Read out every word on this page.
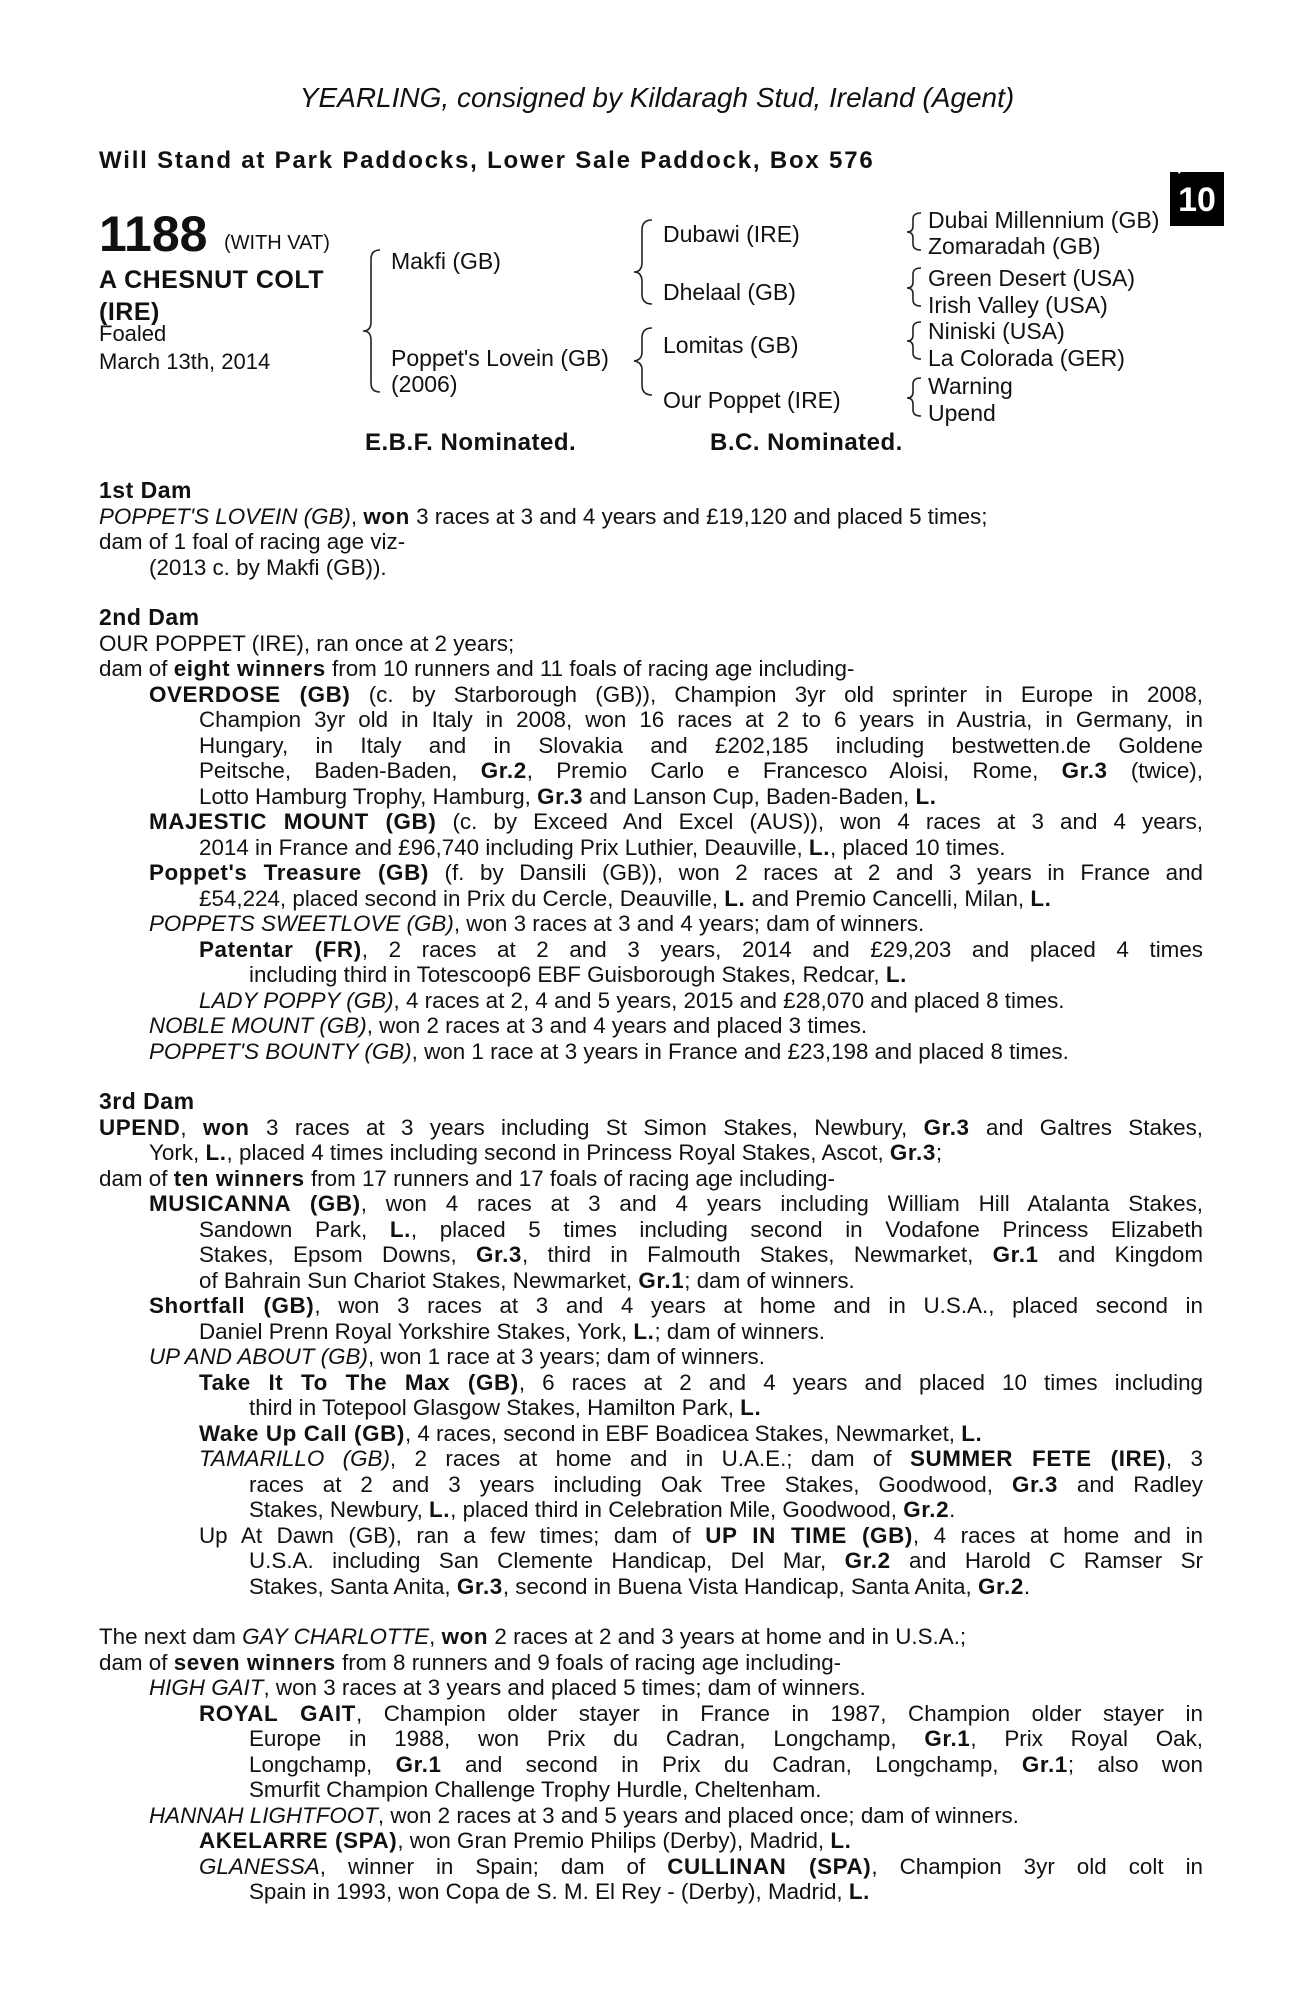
YEARLING, consigned by Kildaragh Stud, Ireland (Agent)
Will Stand at Park Paddocks, Lower Sale Paddock, Box 576	+
10
1188 (WITH VAT)
A CHESNUT COLT
(IRE)
Foaled
March 13th, 2014
Makfi (GB)
Poppet's Lovein (GB)
(2006)
Dubawi (IRE)
Dhelaal (GB)
Lomitas (GB)
Our Poppet (IRE)
Dubai Millennium (GB)
Zomaradah (GB)
Green Desert (USA)
Irish Valley (USA)
Niniski (USA)
La Colorada (GER)
Warning
Upend
E.B.F. Nominated.	B.C. Nominated.
1st Dam
POPPET'S LOVEIN (GB), won 3 races at 3 and 4 years and £19,120 and placed 5 times;
dam of 1 foal of racing age viz-
(2013 c. by Makfi (GB)).
2nd Dam
OUR POPPET (IRE), ran once at 2 years;
dam of eight winners from 10 runners and 11 foals of racing age including-
OVERDOSE (GB) (c. by Starborough (GB)), Champion 3yr old sprinter in Europe in 2008,
Champion 3yr old in Italy in 2008, won 16 races at 2 to 6 years in Austria, in Germany, in
Hungary, in Italy and in Slovakia and £202,185 including bestwetten.de Goldene
Peitsche, Baden-Baden, Gr.2, Premio Carlo e Francesco Aloisi, Rome, Gr.3 (twice),
Lotto Hamburg Trophy, Hamburg, Gr.3 and Lanson Cup, Baden-Baden, L.
MAJESTIC MOUNT (GB) (c. by Exceed And Excel (AUS)), won 4 races at 3 and 4 years,
2014 in France and £96,740 including Prix Luthier, Deauville, L., placed 10 times.
Poppet's Treasure (GB) (f. by Dansili (GB)), won 2 races at 2 and 3 years in France and
£54,224, placed second in Prix du Cercle, Deauville, L. and Premio Cancelli, Milan, L.
POPPETS SWEETLOVE (GB), won 3 races at 3 and 4 years; dam of winners.
Patentar (FR), 2 races at 2 and 3 years, 2014 and £29,203 and placed 4 times
including third in Totescoop6 EBF Guisborough Stakes, Redcar, L.
LADY POPPY (GB), 4 races at 2, 4 and 5 years, 2015 and £28,070 and placed 8 times.
NOBLE MOUNT (GB), won 2 races at 3 and 4 years and placed 3 times.
POPPET'S BOUNTY (GB), won 1 race at 3 years in France and £23,198 and placed 8 times.
3rd Dam
UPEND, won 3 races at 3 years including St Simon Stakes, Newbury, Gr.3 and Galtres Stakes,
York, L., placed 4 times including second in Princess Royal Stakes, Ascot, Gr.3;
dam of ten winners from 17 runners and 17 foals of racing age including-
MUSICANNA (GB), won 4 races at 3 and 4 years including William Hill Atalanta Stakes,
Sandown Park, L., placed 5 times including second in Vodafone Princess Elizabeth
Stakes, Epsom Downs, Gr.3, third in Falmouth Stakes, Newmarket, Gr.1 and Kingdom
of Bahrain Sun Chariot Stakes, Newmarket, Gr.1; dam of winners.
Shortfall (GB), won 3 races at 3 and 4 years at home and in U.S.A., placed second in
Daniel Prenn Royal Yorkshire Stakes, York, L.; dam of winners.
UP AND ABOUT (GB), won 1 race at 3 years; dam of winners.
Take It To The Max (GB), 6 races at 2 and 4 years and placed 10 times including
third in Totepool Glasgow Stakes, Hamilton Park, L.
Wake Up Call (GB), 4 races, second in EBF Boadicea Stakes, Newmarket, L.
TAMARILLO (GB), 2 races at home and in U.A.E.; dam of SUMMER FETE (IRE), 3
races at 2 and 3 years including Oak Tree Stakes, Goodwood, Gr.3 and Radley
Stakes, Newbury, L., placed third in Celebration Mile, Goodwood, Gr.2.
Up At Dawn (GB), ran a few times; dam of UP IN TIME (GB), 4 races at home and in
U.S.A. including San Clemente Handicap, Del Mar, Gr.2 and Harold C Ramser Sr
Stakes, Santa Anita, Gr.3, second in Buena Vista Handicap, Santa Anita, Gr.2.
The next dam GAY CHARLOTTE, won 2 races at 2 and 3 years at home and in U.S.A.;
dam of seven winners from 8 runners and 9 foals of racing age including-
HIGH GAIT, won 3 races at 3 years and placed 5 times; dam of winners.
ROYAL GAIT, Champion older stayer in France in 1987, Champion older stayer in
Europe in 1988, won Prix du Cadran, Longchamp, Gr.1, Prix Royal Oak,
Longchamp, Gr.1 and second in Prix du Cadran, Longchamp, Gr.1; also won
Smurfit Champion Challenge Trophy Hurdle, Cheltenham.
HANNAH LIGHTFOOT, won 2 races at 3 and 5 years and placed once; dam of winners.
AKELARRE (SPA), won Gran Premio Philips (Derby), Madrid, L.
GLANESSA, winner in Spain; dam of CULLINAN (SPA), Champion 3yr old colt in
Spain in 1993, won Copa de S. M. El Rey - (Derby), Madrid, L.
